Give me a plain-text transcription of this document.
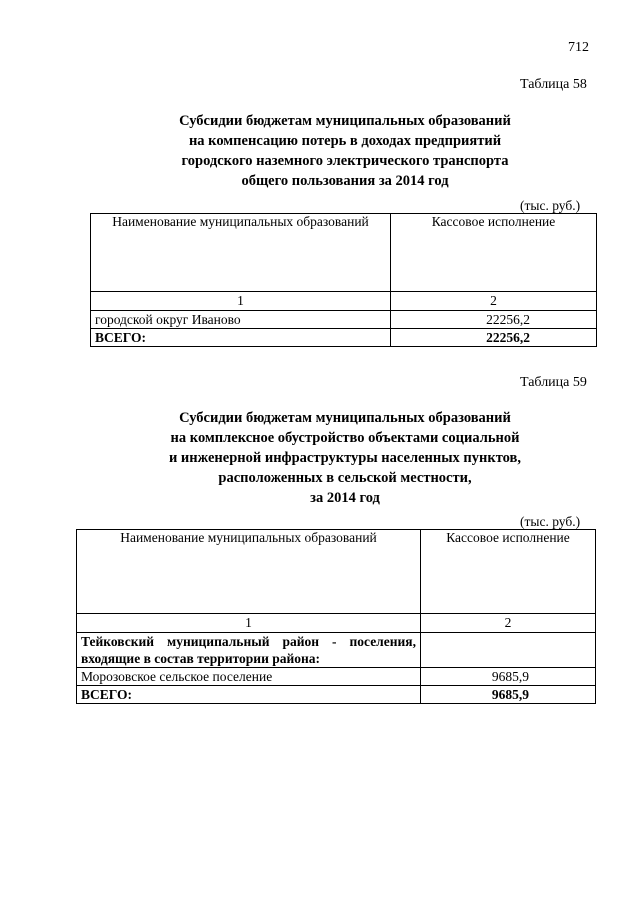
712
Таблица 58
Субсидии бюджетам муниципальных образований
на компенсацию потерь в доходах предприятий
городского наземного электрического транспорта
общего пользования за 2014 год
(тыс. руб.)
Наименование муниципальных образований	Кассовое исполнение
1	2
городской округ Иваново	22256,2
ВСЕГО:	22256,2
Таблица 59
Субсидии бюджетам муниципальных образований
на комплексное обустройство объектами социальной
и инженерной инфраструктуры населенных пунктов,
расположенных в сельской местности,
за 2014 год
(тыс. руб.)
Наименование муниципальных образований	Кассовое исполнение
1	2
Тейковский муниципальный район - поселения, входящие в состав территории района:	
Морозовское сельское поселение	9685,9
ВСЕГО:	9685,9
